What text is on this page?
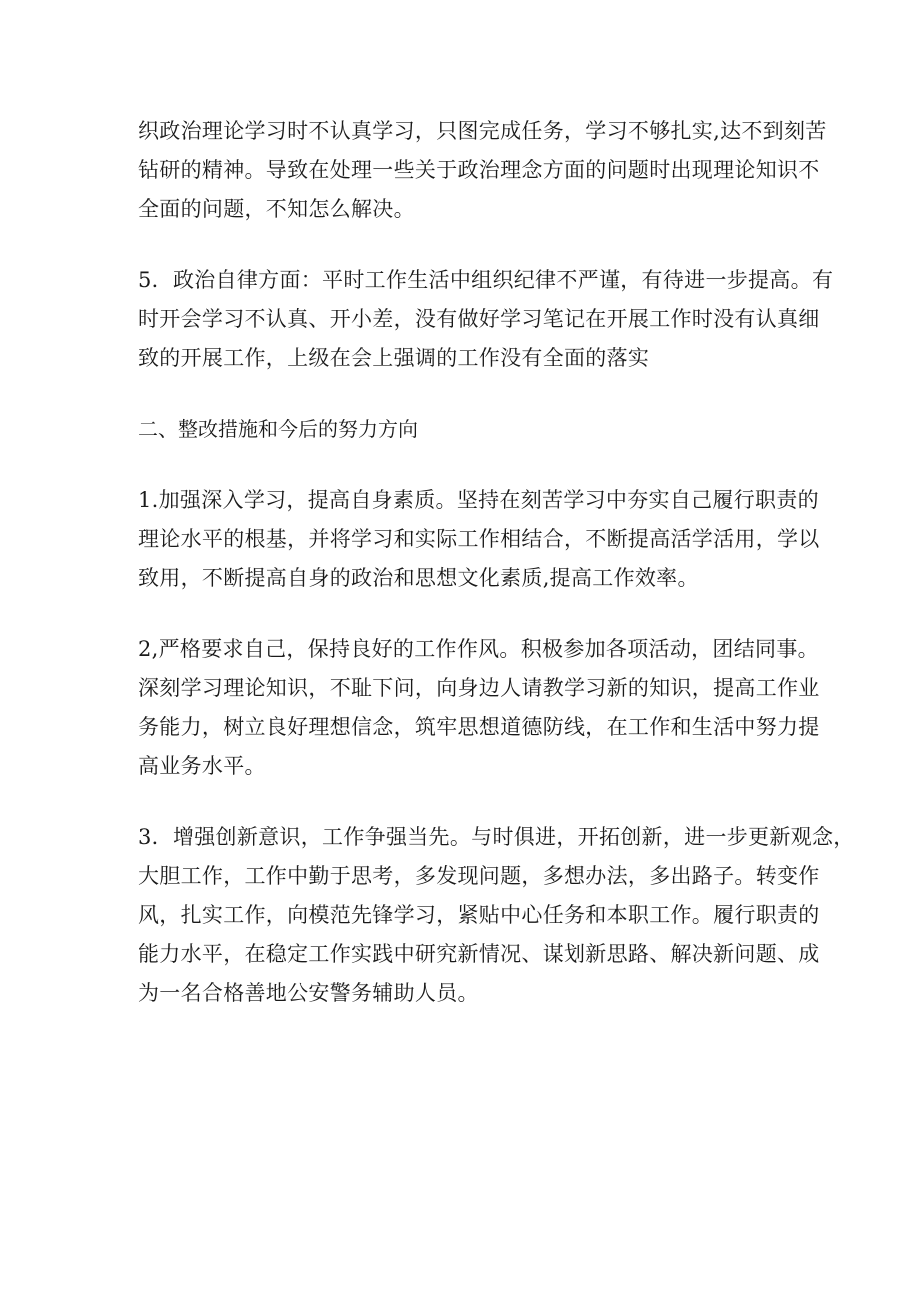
织政治理论学习时不认真学习，只图完成任务，学习不够扎实,达不到刻苦
钻研的精神。导致在处理一些关于政治理念方面的问题时出现理论知识不
全面的问题，不知怎么解决。

5．政治自律方面：平时工作生活中组织纪律不严谨，有待进一步提高。有
时开会学习不认真、开小差，没有做好学习笔记在开展工作时没有认真细
致的开展工作，上级在会上强调的工作没有全面的落实

二、整改措施和今后的努力方向

1.加强深入学习，提高自身素质。坚持在刻苦学习中夯实自己履行职责的
理论水平的根基，并将学习和实际工作相结合，不断提高活学活用，学以
致用，不断提高自身的政治和思想文化素质,提高工作效率。

2,严格要求自己，保持良好的工作作风。积极参加各项活动，团结同事。
深刻学习理论知识，不耻下问，向身边人请教学习新的知识，提高工作业
务能力，树立良好理想信念，筑牢思想道德防线，在工作和生活中努力提
高业务水平。

3．增强创新意识，工作争强当先。与时俱进，开拓创新，进一步更新观念，
大胆工作，工作中勤于思考，多发现问题，多想办法，多出路子。转变作
风，扎实工作，向模范先锋学习，紧贴中心任务和本职工作。履行职责的
能力水平，在稳定工作实践中研究新情况、谋划新思路、解决新问题、成
为一名合格善地公安警务辅助人员。
